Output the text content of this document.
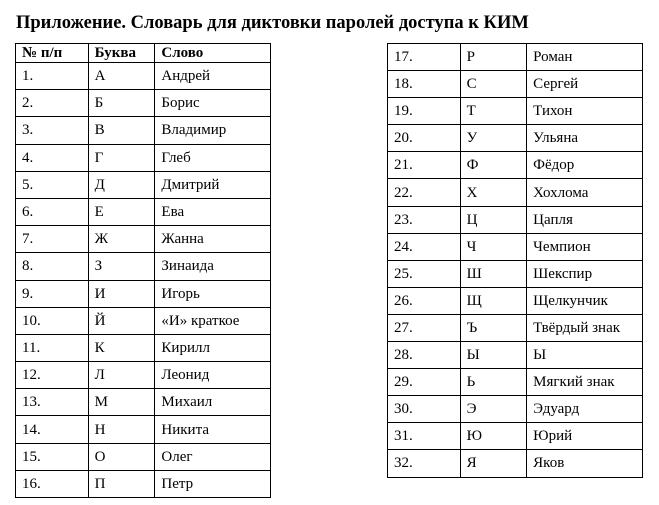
Приложение. Словарь для диктовки паролей доступа к КИМ
№ п/п	Буква	Слово
1.	А	Андрей
2.	Б	Борис
3.	В	Владимир
4.	Г	Глеб
5.	Д	Дмитрий
6.	Е	Ева
7.	Ж	Жанна
8.	З	Зинаида
9.	И	Игорь
10.	Й	«И» краткое
11.	К	Кирилл
12.	Л	Леонид
13.	М	Михаил
14.	Н	Никита
15.	О	Олег
16.	П	Петр
17.	Р	Роман
18.	С	Сергей
19.	Т	Тихон
20.	У	Ульяна
21.	Ф	Фёдор
22.	Х	Хохлома
23.	Ц	Цапля
24.	Ч	Чемпион
25.	Ш	Шекспир
26.	Щ	Щелкунчик
27.	Ъ	Твёрдый знак
28.	Ы	Ы
29.	Ь	Мягкий знак
30.	Э	Эдуард
31.	Ю	Юрий
32.	Я	Яков
